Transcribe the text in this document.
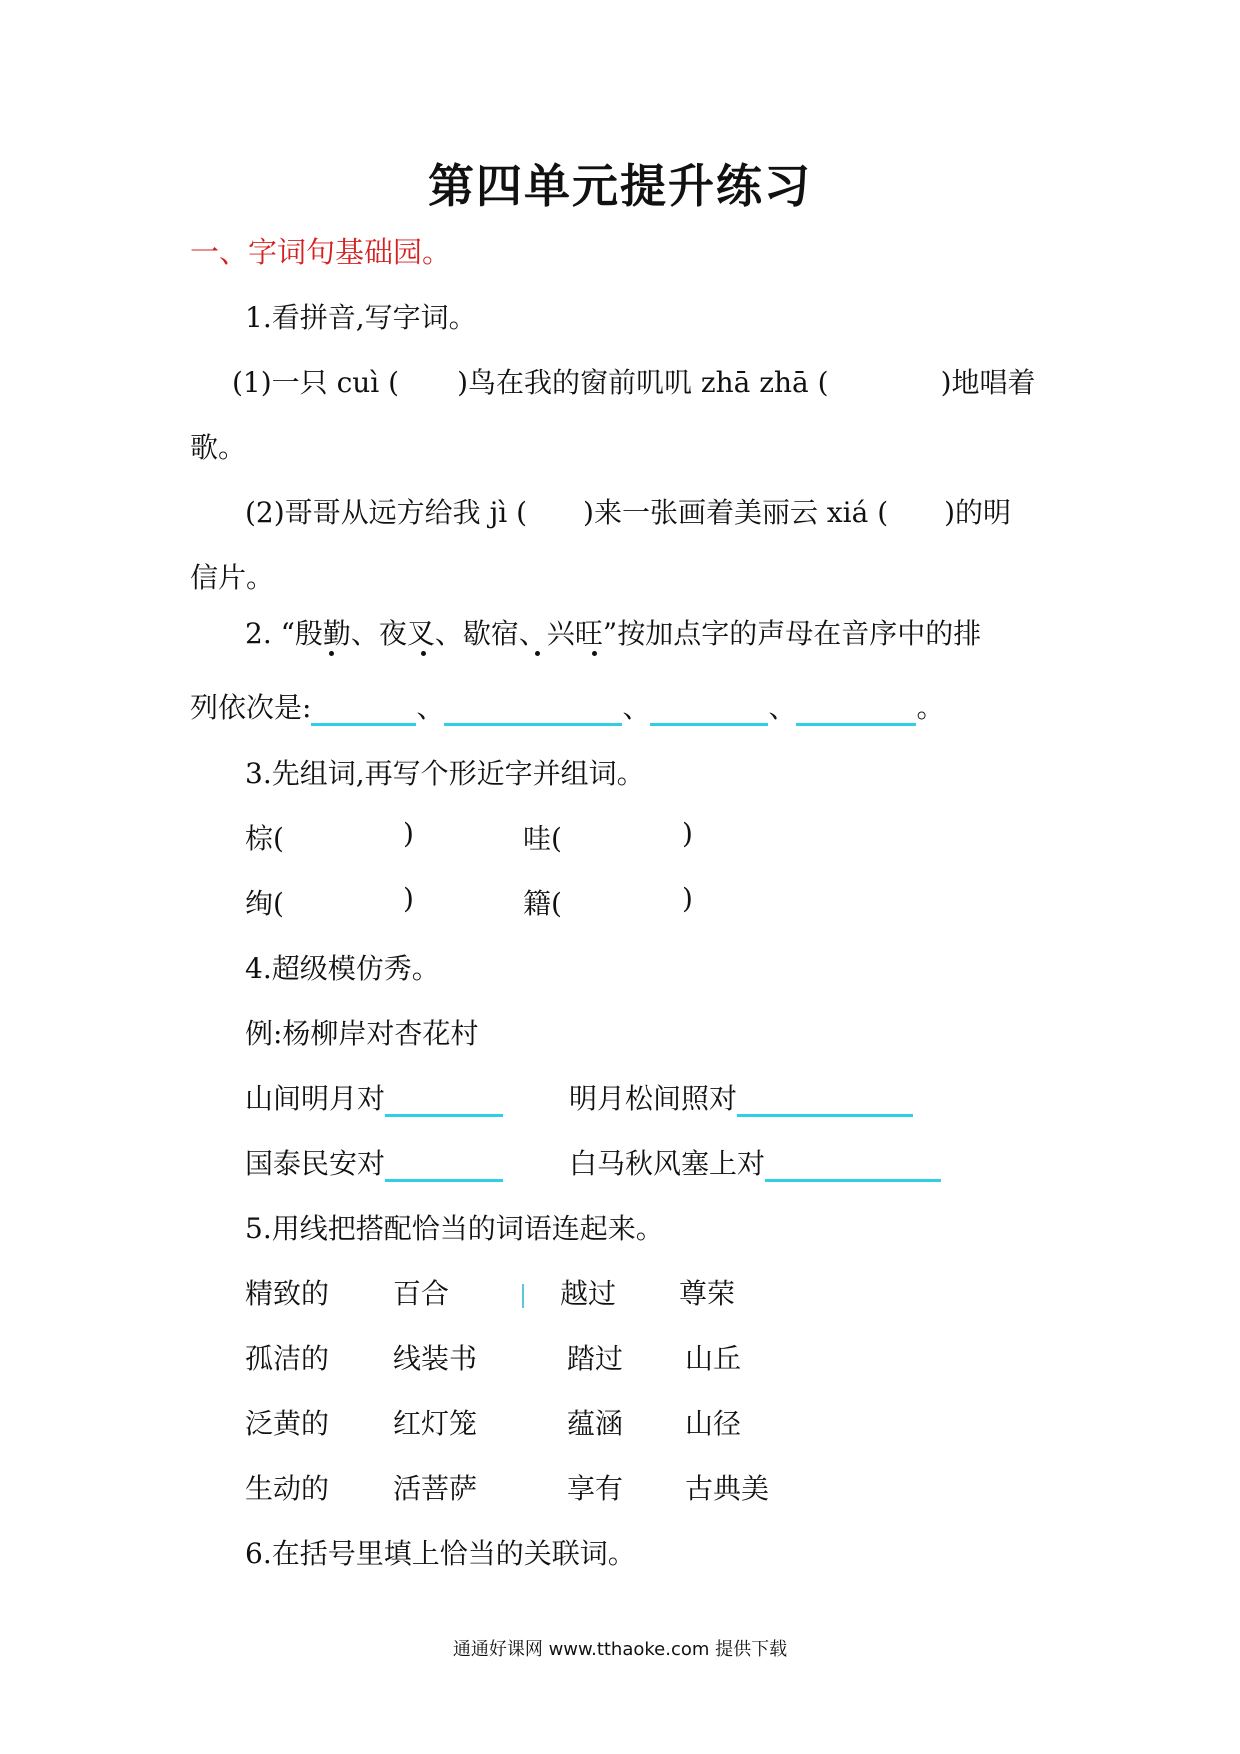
第四单元提升练习
一、字词句基础园。
1.看拼音,写字词。
(1)一只 cuì ( )鸟在我的窗前叽叽 zhā zhā (	)地唱着
歌。
(2)哥哥从远方给我 jì ( )来一张画着美丽云 xiá ( )的明
信片。
2. “殷勤、夜叉、歇宿、兴旺”按加点字的声母在音序中的排
列依次是:	、	、	、	。
3.先组词,再写个形近字并组词。
棕(	)	哇(	)
绚(	)	籍(	)
4.超级模仿秀。
例:杨柳岸对杏花村
山间明月对	明月松间照对
国泰民安对	白马秋风塞上对
5.用线把搭配恰当的词语连起来。
精致的 百合	越过 尊荣
孤洁的 线装书	踏过 山丘
泛黄的 红灯笼	蕴涵 山径
生动的 活菩萨	享有 古典美
6.在括号里填上恰当的关联词。
通通好课网 www.tthaoke.com 提供下载
